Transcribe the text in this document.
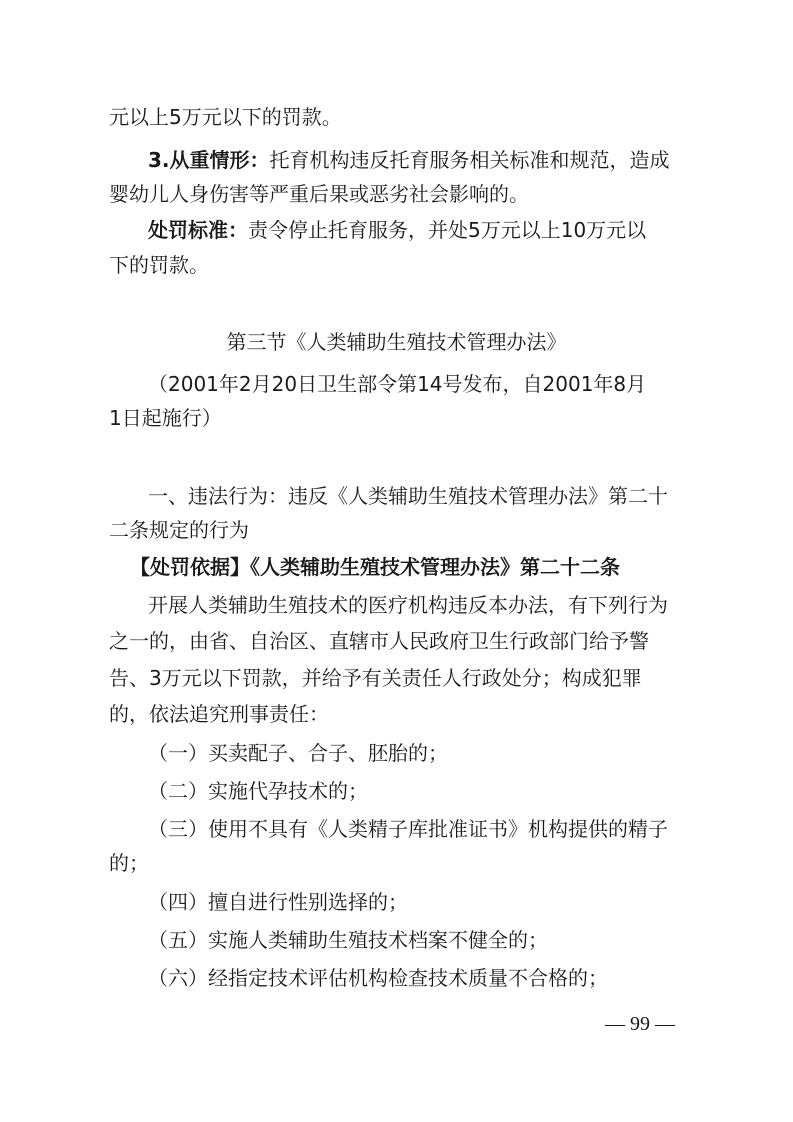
元以上5万元以下的罚款。

3.从重情形：托育机构违反托育服务相关标准和规范，造成

婴幼儿人身伤害等严重后果或恶劣社会影响的。

处罚标准：责令停止托育服务，并处5万元以上10万元以

下的罚款。

第三节《人类辅助生殖技术管理办法》

（2001年2月20日卫生部令第14号发布，自2001年8月

1日起施行）

一、违法行为：违反《人类辅助生殖技术管理办法》第二十

二条规定的行为

【处罚依据】《人类辅助生殖技术管理办法》第二十二条

开展人类辅助生殖技术的医疗机构违反本办法，有下列行为

之一的，由省、自治区、直辖市人民政府卫生行政部门给予警

告、3万元以下罚款，并给予有关责任人行政处分；构成犯罪

的，依法追究刑事责任：

（一）买卖配子、合子、胚胎的；

（二）实施代孕技术的；

（三）使用不具有《人类精子库批准证书》机构提供的精子

的；

（四）擅自进行性别选择的；

（五）实施人类辅助生殖技术档案不健全的；

（六）经指定技术评估机构检查技术质量不合格的；

— 99 —
